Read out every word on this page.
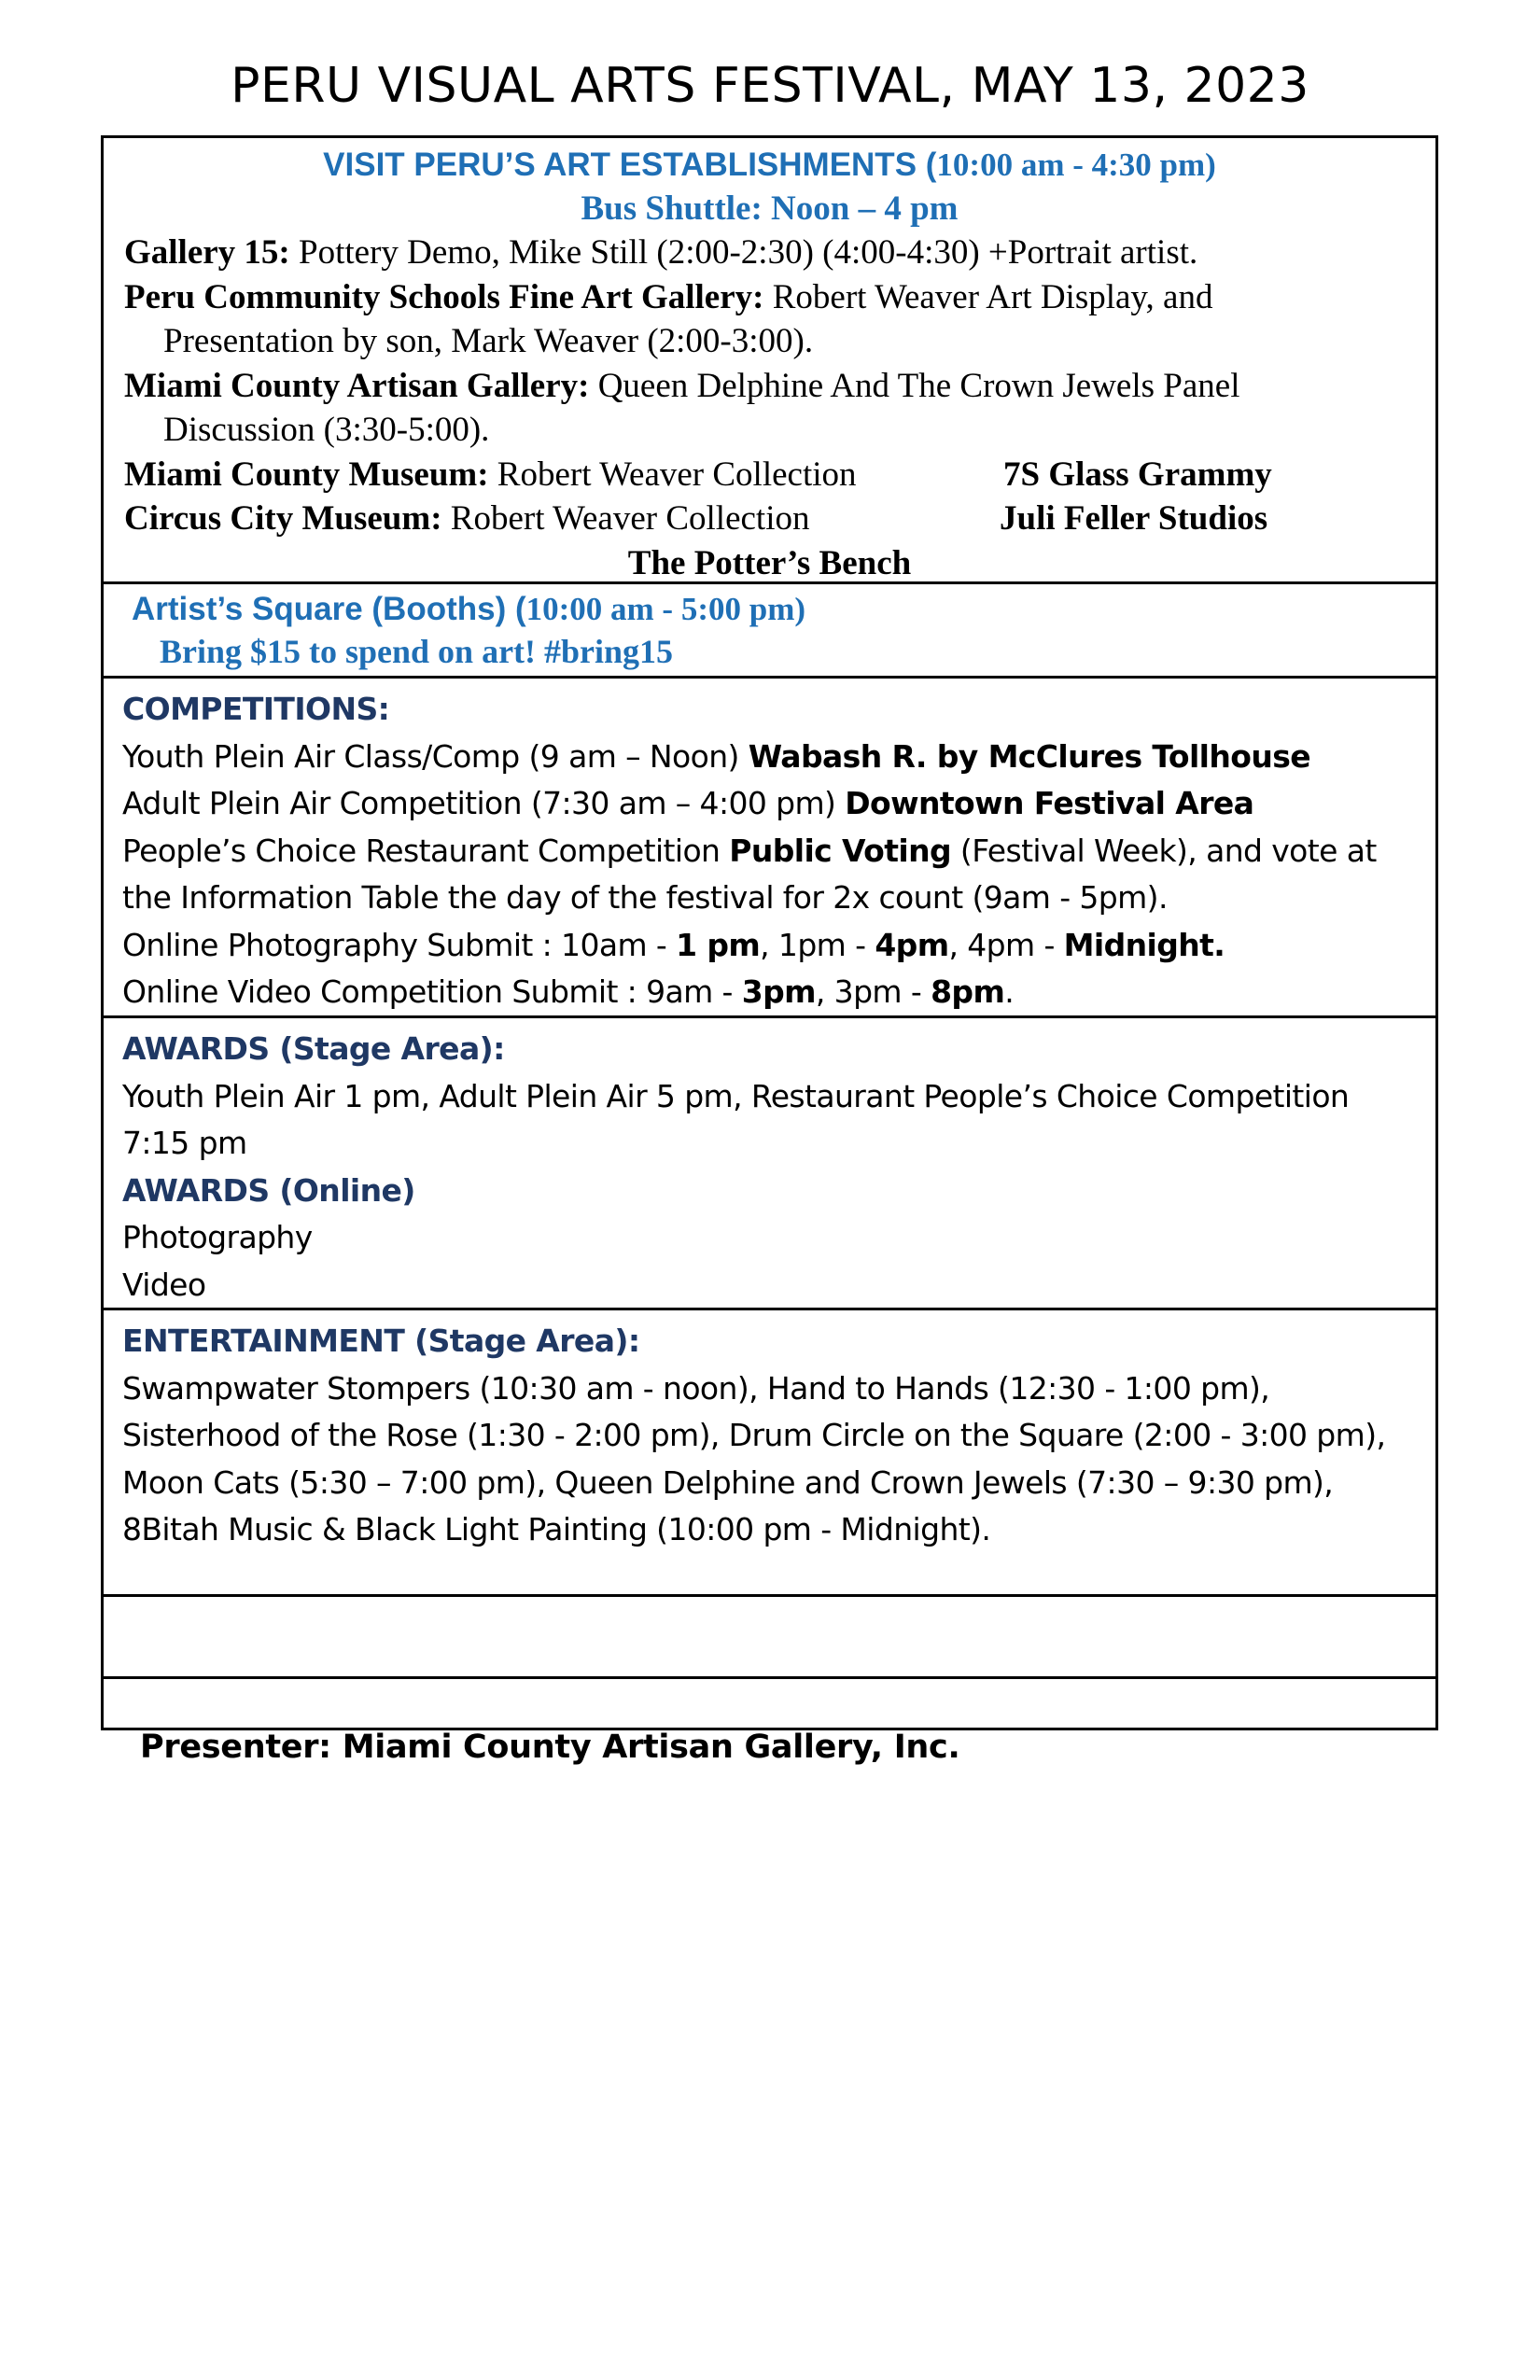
PERU VISUAL ARTS FESTIVAL, MAY 13, 2023
VISIT PERU’S ART ESTABLISHMENTS (10:00 am - 4:30 pm)
Bus Shuttle: Noon – 4 pm
Gallery 15: Pottery Demo, Mike Still (2:00-2:30) (4:00-4:30) +Portrait artist.
Peru Community Schools Fine Art Gallery: Robert Weaver Art Display, and
Presentation by son, Mark Weaver (2:00-3:00).
Miami County Artisan Gallery: Queen Delphine And The Crown Jewels Panel
Discussion (3:30-5:00).
Miami County Museum: Robert Weaver Collection	7S Glass Grammy
Circus City Museum: Robert Weaver Collection	Juli Feller Studios
The Potter’s Bench
Artist’s Square (Booths) (10:00 am - 5:00 pm)
Bring $15 to spend on art! #bring15
COMPETITIONS:
Youth Plein Air Class/Comp (9 am – Noon) Wabash R. by McClures Tollhouse
Adult Plein Air Competition (7:30 am – 4:00 pm) Downtown Festival Area
People’s Choice Restaurant Competition Public Voting (Festival Week), and vote at the Information Table the day of the festival for 2x count (9am - 5pm).
Online Photography Submit : 10am - 1 pm, 1pm - 4pm, 4pm - Midnight.
Online Video Competition Submit : 9am - 3pm, 3pm - 8pm.
AWARDS (Stage Area):
Youth Plein Air 1 pm, Adult Plein Air 5 pm, Restaurant People’s Choice Competition 7:15 pm
AWARDS (Online)
Photography
Video
ENTERTAINMENT (Stage Area):
Swampwater Stompers (10:30 am - noon), Hand to Hands (12:30 - 1:00 pm), Sisterhood of the Rose (1:30 - 2:00 pm), Drum Circle on the Square (2:00 - 3:00 pm), Moon Cats (5:30 – 7:00 pm), Queen Delphine and Crown Jewels (7:30 – 9:30 pm), 8Bitah Music & Black Light Painting (10:00 pm - Midnight).
Presenter: Miami County Artisan Gallery, Inc.
